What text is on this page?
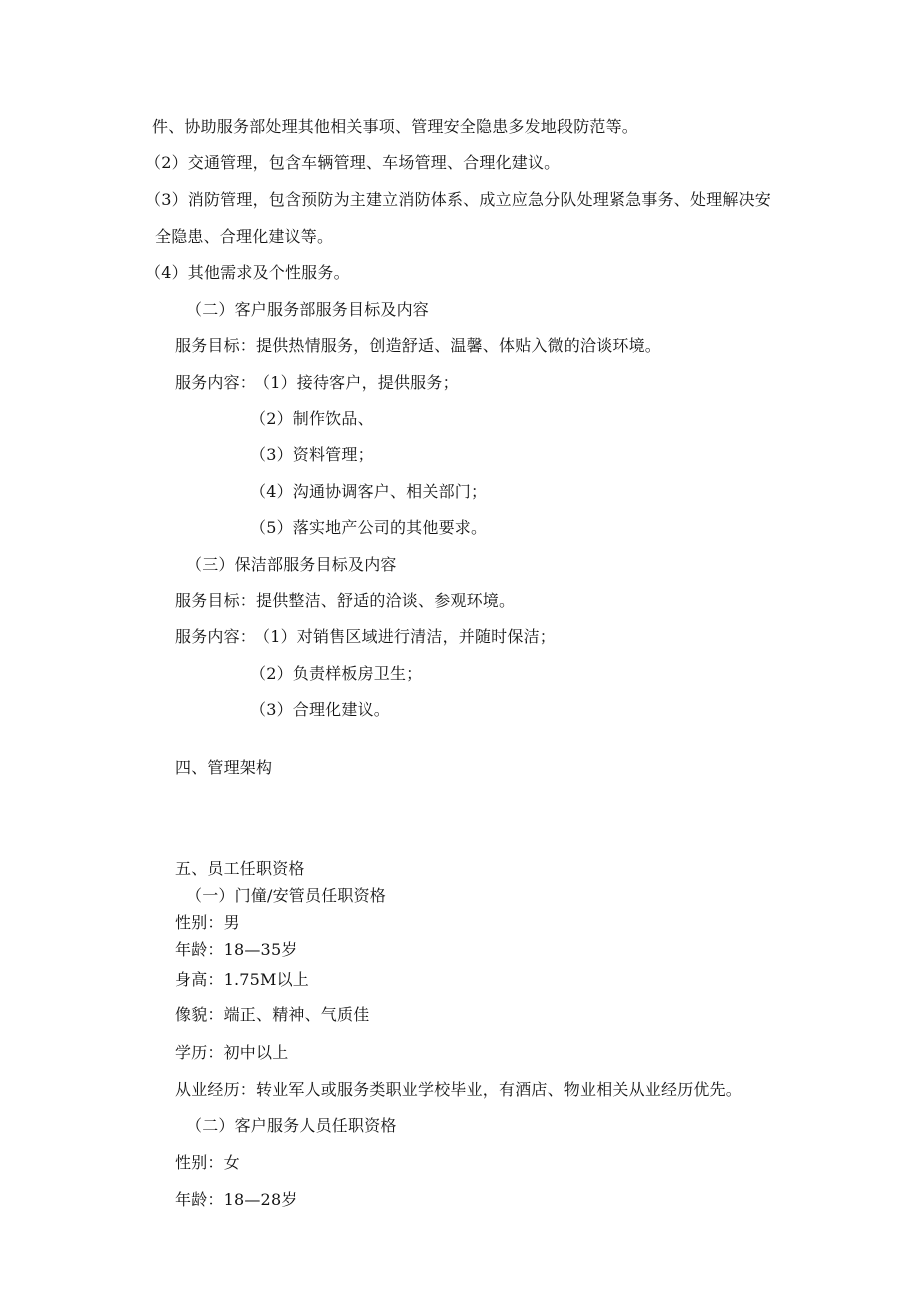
件、协助服务部处理其他相关事项、管理安全隐患多发地段防范等。
（2）交通管理，包含车辆管理、车场管理、合理化建议。
（3）消防管理，包含预防为主建立消防体系、成立应急分队处理紧急事务、处理解决安
全隐患、合理化建议等。
（4）其他需求及个性服务。
（二）客户服务部服务目标及内容
服务目标：提供热情服务，创造舒适、温馨、体贴入微的洽谈环境。
服务内容：
（1）接待客户，提供服务；
（2）制作饮品、
（3）资料管理；
（4）沟通协调客户、相关部门；
（5）落实地产公司的其他要求。
（三）保洁部服务目标及内容
服务目标：提供整洁、舒适的洽谈、参观环境。
服务内容：
（1）对销售区域进行清洁，并随时保洁；
（2）负责样板房卫生；
（3）合理化建议。
四、管理架构
五、员工任职资格
（一）门僮/安管员任职资格
性别：男
年龄：18—35岁
身高：1.75M以上
像貌：端正、精神、气质佳
学历：初中以上
从业经历：转业军人或服务类职业学校毕业，有酒店、物业相关从业经历优先。
（二）客户服务人员任职资格
性别：女
年龄：18—28岁
